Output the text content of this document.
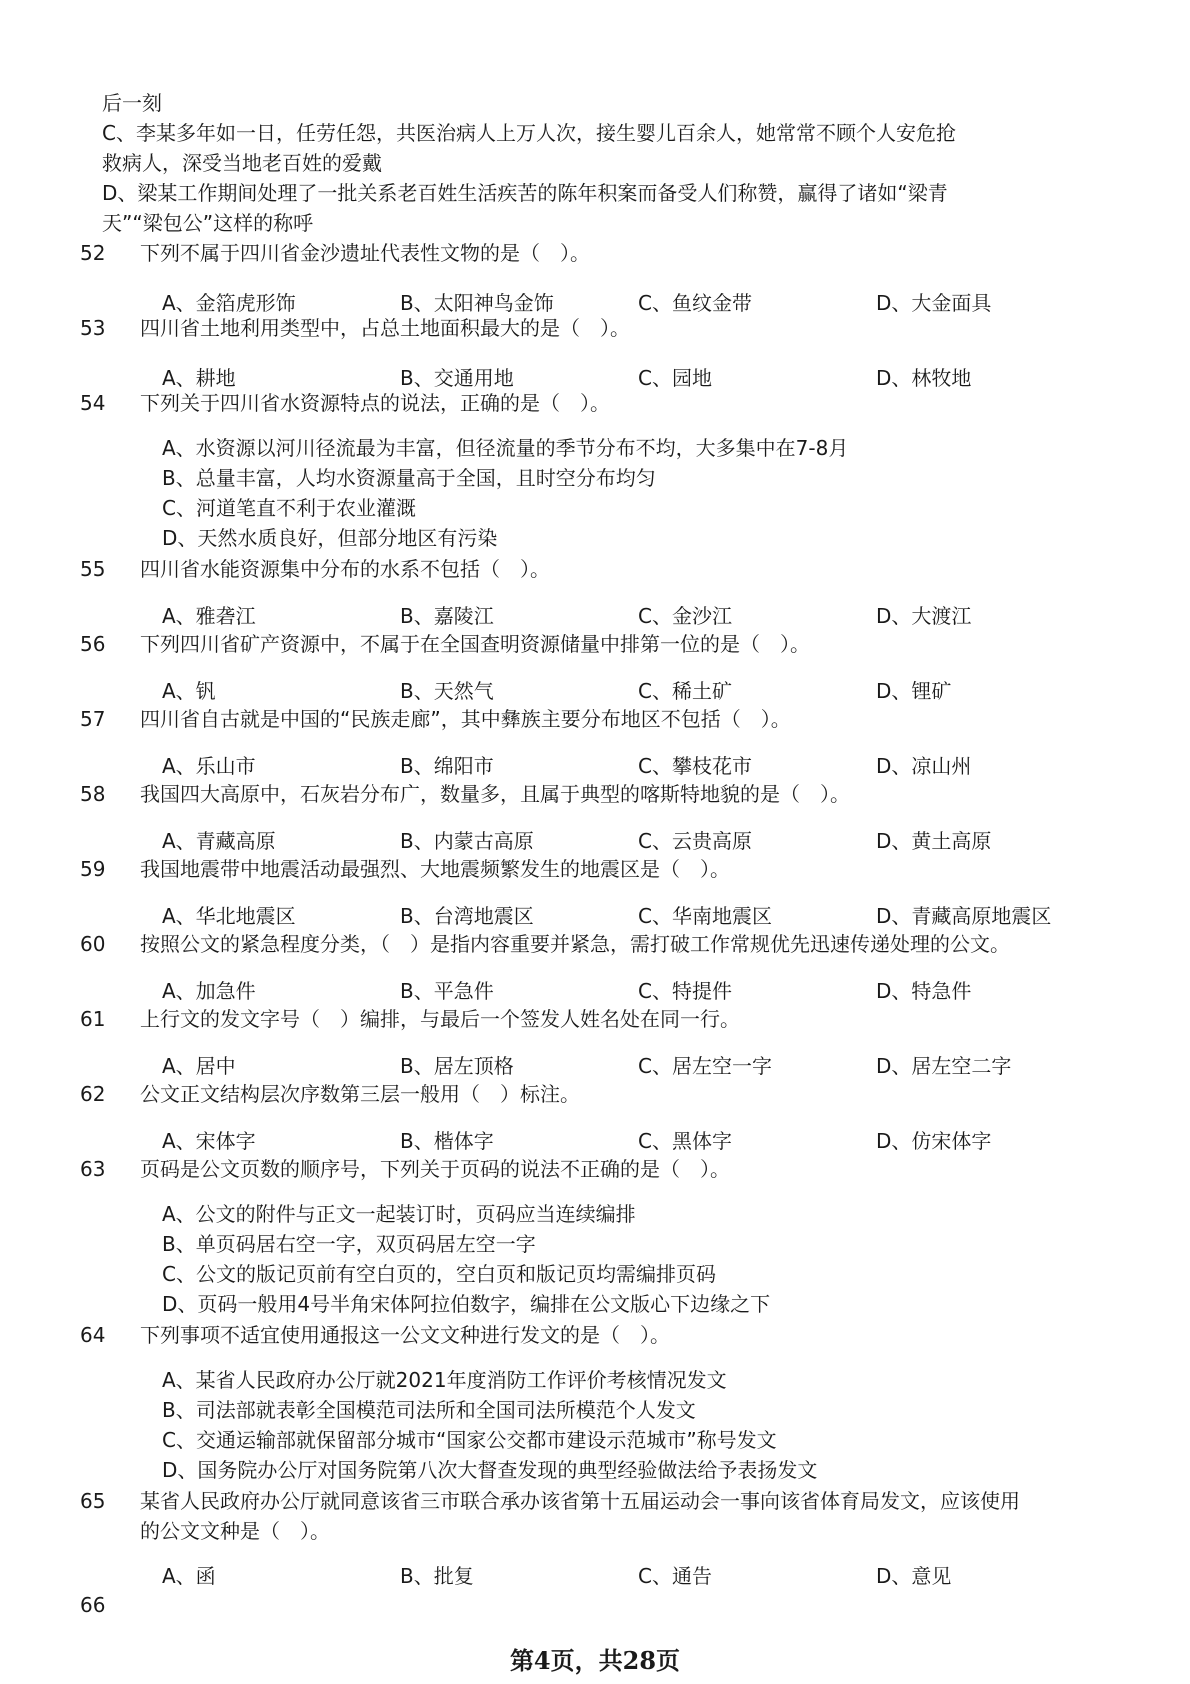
后一刻

C、李某多年如一日，任劳任怨，共医治病人上万人次，接生婴儿百余人，她常常不顾个人安危抢

救病人，深受当地老百姓的爱戴

D、梁某工作期间处理了一批关系老百姓生活疾苦的陈年积案而备受人们称赞，赢得了诸如“梁青

天”“梁包公”这样的称呼

52	下列不属于四川省金沙遗址代表性文物的是（　）。
A、金箔虎形饰	B、太阳神鸟金饰	C、鱼纹金带	D、大金面具
53	四川省土地利用类型中，占总土地面积最大的是（　）。
A、耕地	B、交通用地	C、园地	D、林牧地
54	下列关于四川省水资源特点的说法，正确的是（　）。
A、水资源以河川径流最为丰富，但径流量的季节分布不均，大多集中在7-8月
B、总量丰富，人均水资源量高于全国，且时空分布均匀
C、河道笔直不利于农业灌溉
D、天然水质良好，但部分地区有污染
55	四川省水能资源集中分布的水系不包括（　）。
A、雅砻江	B、嘉陵江	C、金沙江	D、大渡江
56	下列四川省矿产资源中，不属于在全国查明资源储量中排第一位的是（　）。
A、钒	B、天然气	C、稀土矿	D、锂矿
57	四川省自古就是中国的“民族走廊”，其中彝族主要分布地区不包括（　）。
A、乐山市	B、绵阳市	C、攀枝花市	D、凉山州
58	我国四大高原中，石灰岩分布广，数量多，且属于典型的喀斯特地貌的是（　）。
A、青藏高原	B、内蒙古高原	C、云贵高原	D、黄土高原
59	我国地震带中地震活动最强烈、大地震频繁发生的地震区是（　）。
A、华北地震区	B、台湾地震区	C、华南地震区	D、青藏高原地震区
60	按照公文的紧急程度分类，（　）是指内容重要并紧急，需打破工作常规优先迅速传递处理的公文。
A、加急件	B、平急件	C、特提件	D、特急件
61	上行文的发文字号（　）编排，与最后一个签发人姓名处在同一行。
A、居中	B、居左顶格	C、居左空一字	D、居左空二字
62	公文正文结构层次序数第三层一般用（　）标注。
A、宋体字	B、楷体字	C、黑体字	D、仿宋体字
63	页码是公文页数的顺序号，下列关于页码的说法不正确的是（　）。
A、公文的附件与正文一起装订时，页码应当连续编排
B、单页码居右空一字，双页码居左空一字
C、公文的版记页前有空白页的，空白页和版记页均需编排页码
D、页码一般用4号半角宋体阿拉伯数字，编排在公文版心下边缘之下
64	下列事项不适宜使用通报这一公文文种进行发文的是（　）。
A、某省人民政府办公厅就2021年度消防工作评价考核情况发文
B、司法部就表彰全国模范司法所和全国司法所模范个人发文
C、交通运输部就保留部分城市“国家公交都市建设示范城市”称号发文
D、国务院办公厅对国务院第八次大督查发现的典型经验做法给予表扬发文
65	某省人民政府办公厅就同意该省三市联合承办该省第十五届运动会一事向该省体育局发文，应该使用
的公文文种是（　）。
A、函	B、批复	C、通告	D、意见
66
第4页，共28页
